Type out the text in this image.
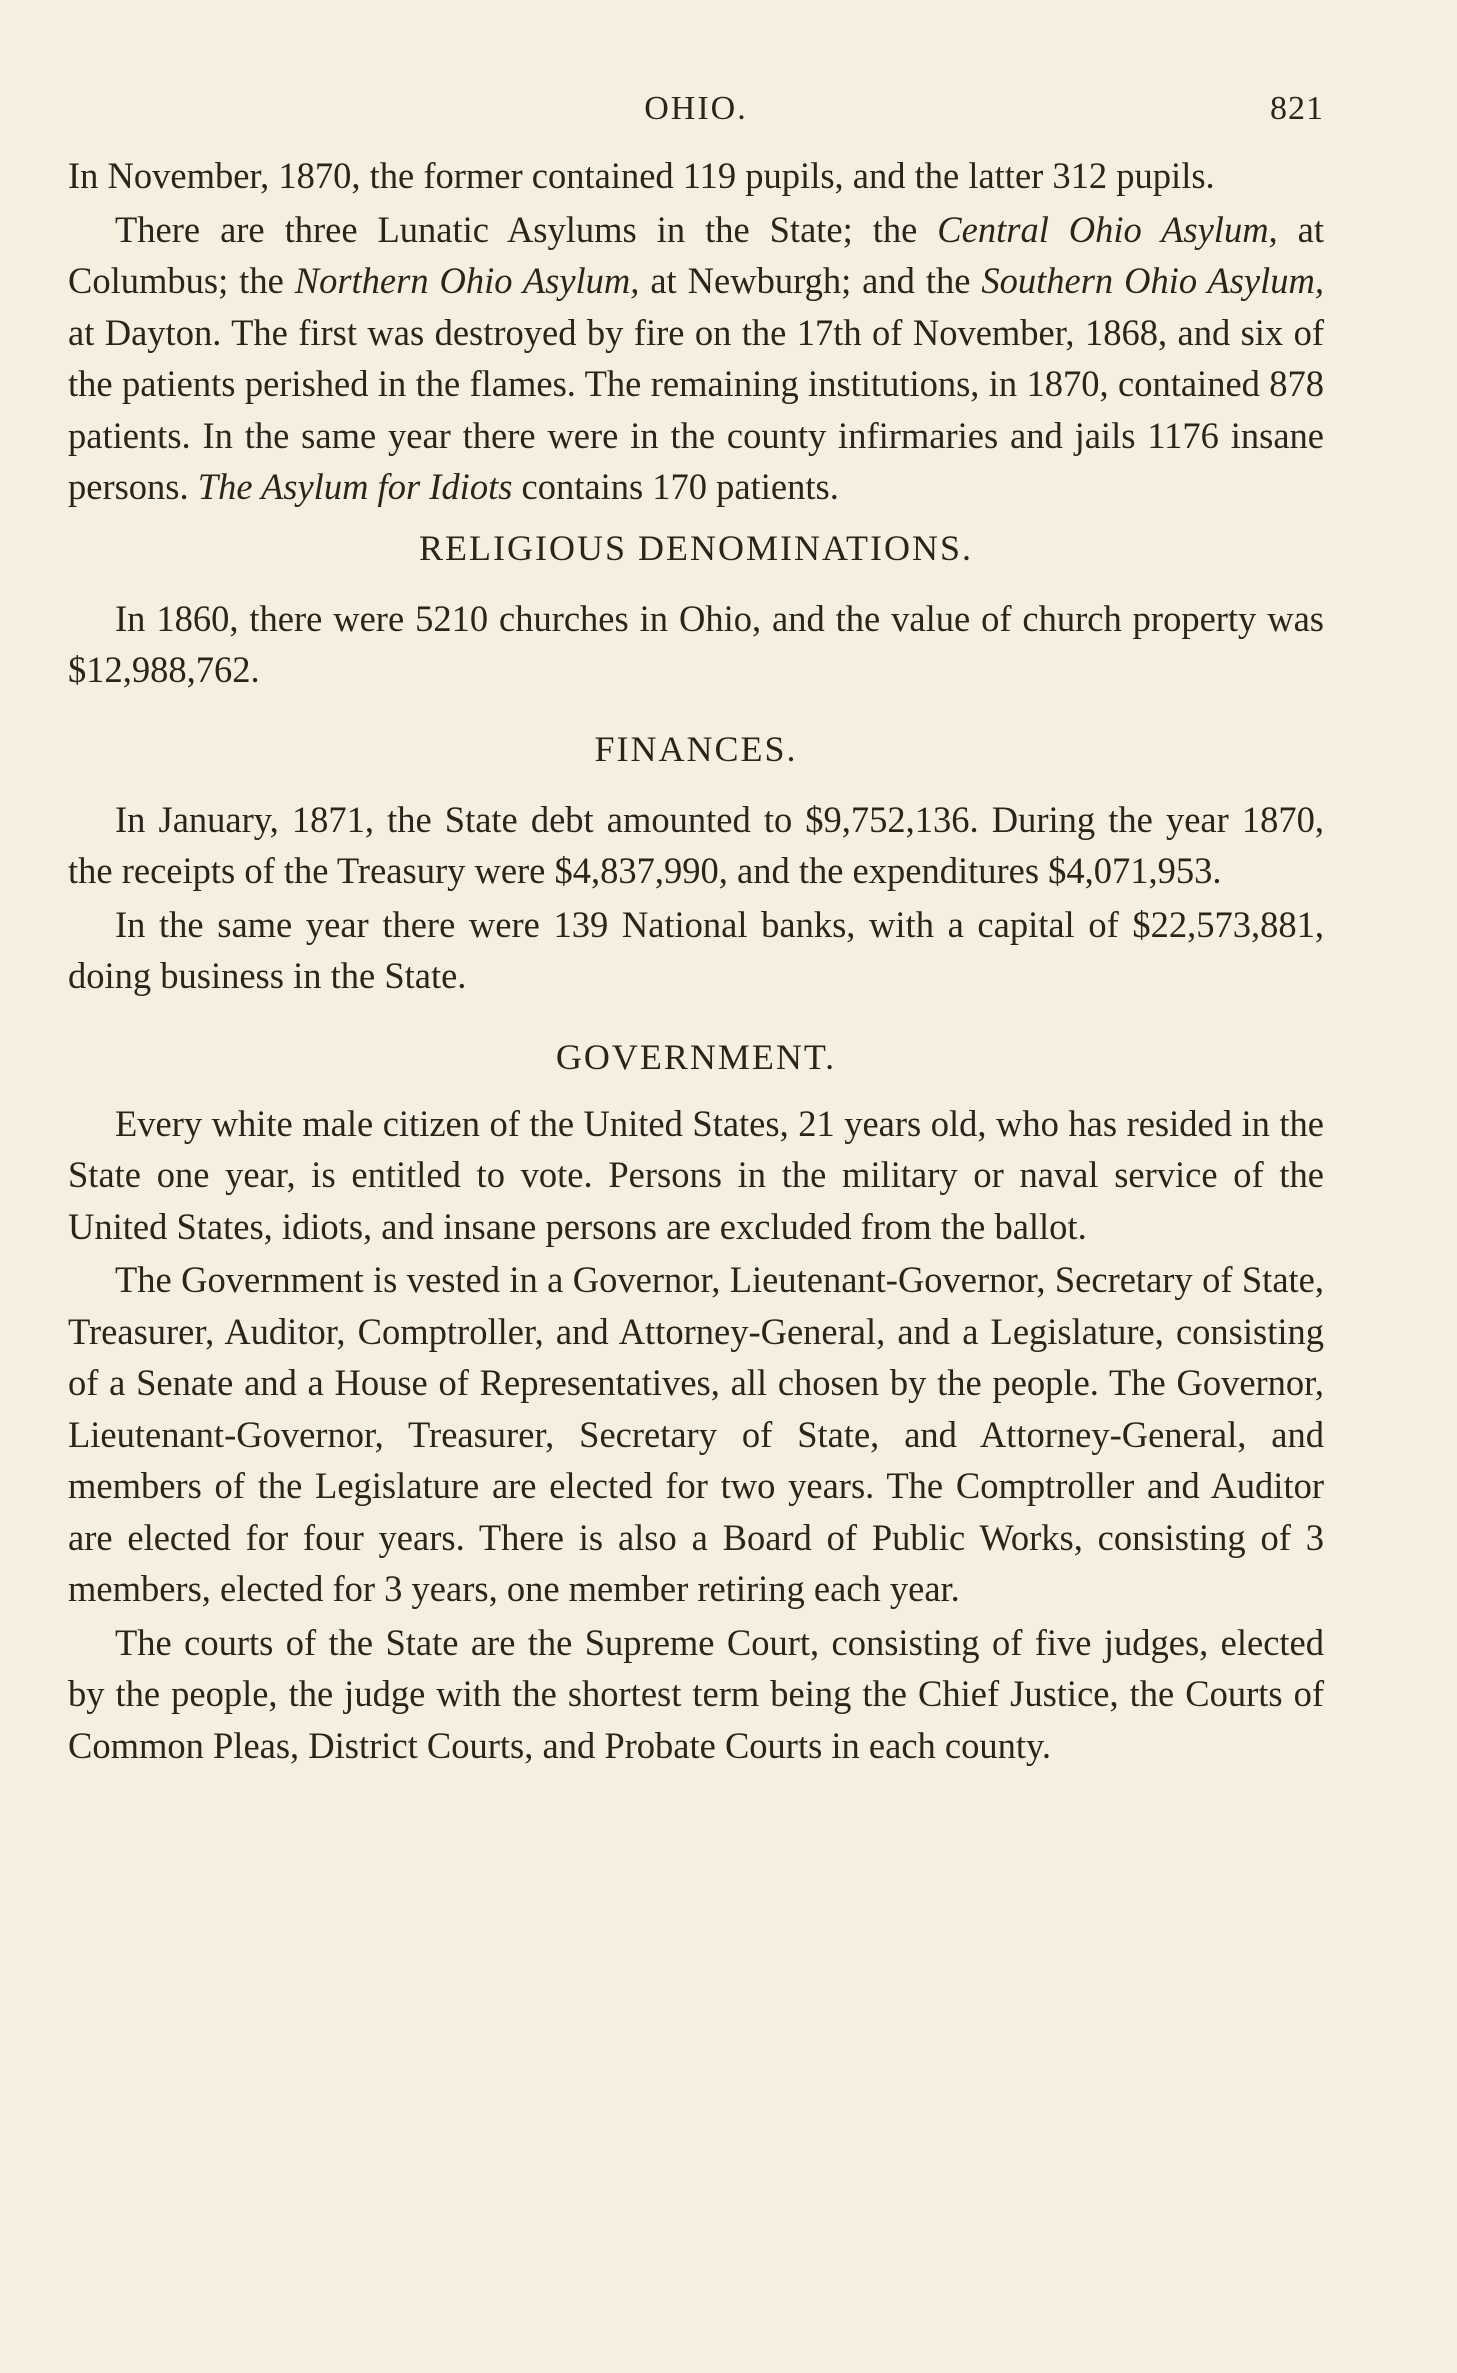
OHIO.	821

In November, 1870, the former contained 119 pupils, and the latter 312 pupils.

There are three Lunatic Asylums in the State; the Central Ohio Asylum, at Columbus; the Northern Ohio Asylum, at Newburgh; and the Southern Ohio Asylum, at Dayton. The first was destroyed by fire on the 17th of November, 1868, and six of the patients perished in the flames. The remaining institutions, in 1870, contained 878 patients. In the same year there were in the county infirmaries and jails 1176 insane persons. The Asylum for Idiots contains 170 patients.

RELIGIOUS DENOMINATIONS.

In 1860, there were 5210 churches in Ohio, and the value of church property was $12,988,762.

FINANCES.

In January, 1871, the State debt amounted to $9,752,136. During the year 1870, the receipts of the Treasury were $4,837,990, and the expenditures $4,071,953.

In the same year there were 139 National banks, with a capital of $22,573,881, doing business in the State.

GOVERNMENT.

Every white male citizen of the United States, 21 years old, who has resided in the State one year, is entitled to vote. Persons in the military or naval service of the United States, idiots, and insane persons are excluded from the ballot.

The Government is vested in a Governor, Lieutenant-Governor, Secretary of State, Treasurer, Auditor, Comptroller, and Attorney-General, and a Legislature, consisting of a Senate and a House of Representatives, all chosen by the people. The Governor, Lieutenant-Governor, Treasurer, Secretary of State, and Attorney-General, and members of the Legislature are elected for two years. The Comptroller and Auditor are elected for four years. There is also a Board of Public Works, consisting of 3 members, elected for 3 years, one member retiring each year.

The courts of the State are the Supreme Court, consisting of five judges, elected by the people, the judge with the shortest term being the Chief Justice, the Courts of Common Pleas, District Courts, and Probate Courts in each county.
